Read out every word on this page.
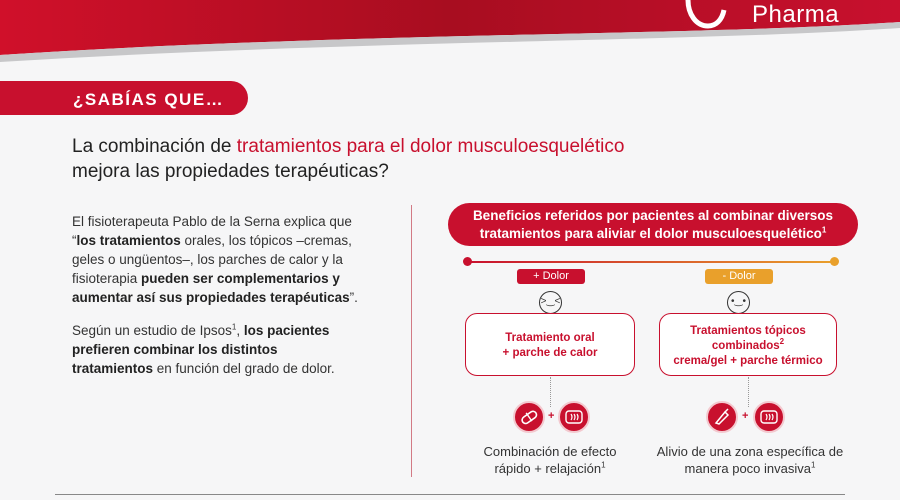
Pharma
¿SABÍAS QUE…
La combinación de tratamientos para el dolor musculoesquelético
mejora las propiedades terapéuticas?

El fisioterapeuta Pablo de la Serna explica que “los tratamientos orales, los tópicos –cremas, geles o ungüentos–, los parches de calor y la fisioterapia pueden ser complementarios y aumentar así sus propiedades terapéuticas”.

Según un estudio de Ipsos$^1$, los pacientes prefieren combinar los distintos tratamientos en función del grado de dolor.

Beneficios referidos por pacientes al combinar diversos
tratamientos para aliviar el dolor musculoesquelético$^1$
+ Dolor	- Dolor
>‿<	•‿•
Tratamiento oral
+ parche de calor
Tratamientos tópicos
combinados$^2$
crema/gel + parche térmico
+	+
Combinación de efecto
rápido + relajación$^1$
Alivio de una zona específica de
manera poco invasiva$^1$
